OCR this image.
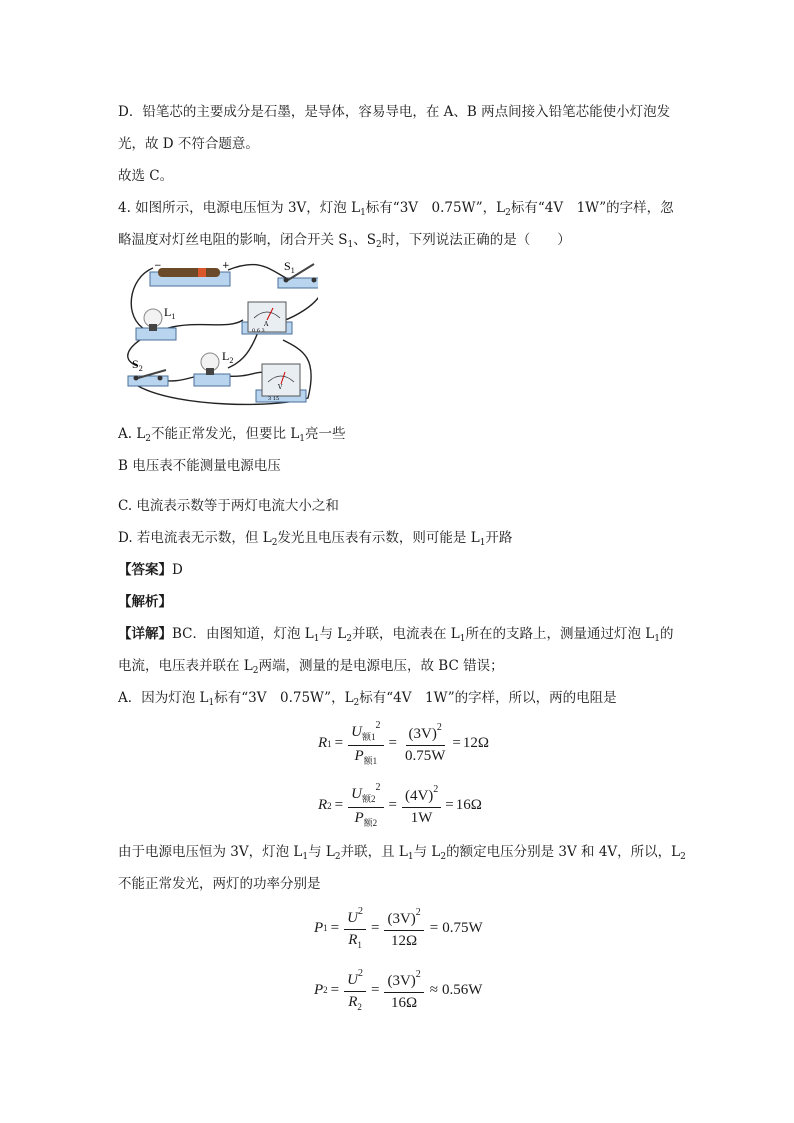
D．铅笔芯的主要成分是石墨，是导体，容易导电，在 A、B 两点间接入铅笔芯能使小灯泡发
光，故 D 不符合题意。
故选 C。
4. 如图所示，电源电压恒为 3V，灯泡 $L_1$标有“3V　0.75W”，$L_2$标有“4V　1W”的字样，忽
略温度对灯丝电阻的影响，闭合开关 $S_1$、$S_2$时，下列说法正确的是（　　）
−	+	$S_1$
$L_1$
A
0.6 3
$S_2$
$L_2$
V
3 15
A. $L_2$不能正常发光，但要比 $L_1$亮一些
B 电压表不能测量电源电压
C. 电流表示数等于两灯电流大小之和
D. 若电流表无示数，但 $L_2$发光且电压表有示数，则可能是 $L_1$开路
【答案】D
【解析】
【详解】BC．由图知道，灯泡 $L_1$与 $L_2$并联，电流表在 $L_1$所在的支路上，测量通过灯泡 $L_1$的
电流，电压表并联在 $L_2$两端，测量的是电源电压，故 BC 错误；
A．因为灯泡 $L_1$标有“3V　0.75W”，$L_2$标有“4V　1W”的字样，所以，两的电阻是
R $1 = \frac{U_{额1}^2}{P_{额1}} = \frac{(3V)^2}{0.75W} = 12\Omega$
R $2 = \frac{U_{额2}^2}{P_{额2}} = \frac{(4V)^2}{1W} = 16\Omega$
由于电源电压恒为 3V，灯泡 $L_1$与 $L_2$并联，且 $L_1$与 $L_2$的额定电压分别是 3V 和 4V，所以，$L_2$
不能正常发光，两灯的功率分别是
P $1 = \frac{U^2}{R_1} = \frac{(3V)^2}{12\Omega} = 0.75W$
P $2 = \frac{U^2}{R_2} = \frac{(3V)^2}{16\Omega} \approx 0.56W$
